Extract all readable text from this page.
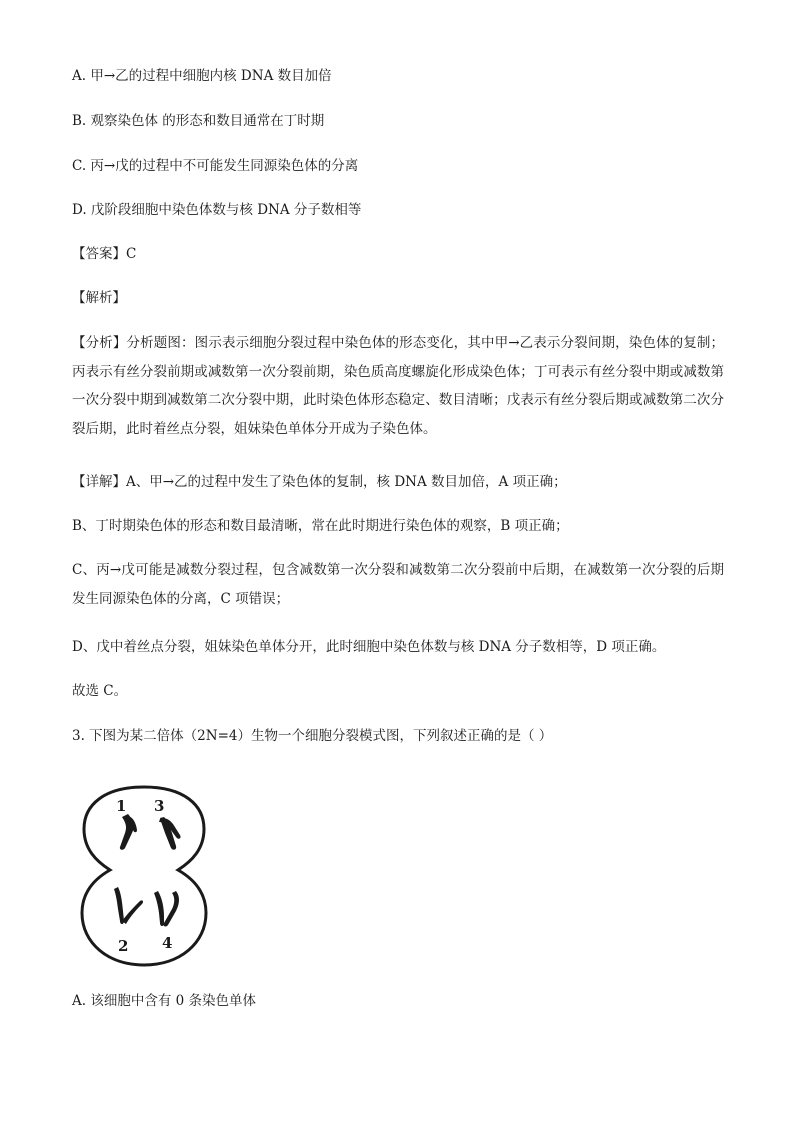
A. 甲→乙的过程中细胞内核 DNA 数目加倍
B. 观察染色体 的形态和数目通常在丁时期
C. 丙→戊的过程中不可能发生同源染色体的分离
D. 戊阶段细胞中染色体数与核 DNA 分子数相等
【答案】C
【解析】
【分析】分析题图：图示表示细胞分裂过程中染色体的形态变化，其中甲→乙表示分裂间期，染色体的复制；丙表示有丝分裂前期或减数第一次分裂前期，染色质高度螺旋化形成染色体；丁可表示有丝分裂中期或减数第一次分裂中期到减数第二次分裂中期，此时染色体形态稳定、数目清晰；戊表示有丝分裂后期或减数第二次分裂后期，此时着丝点分裂，姐妹染色单体分开成为子染色体。
【详解】A、甲→乙的过程中发生了染色体的复制，核 DNA 数目加倍，A 项正确；
B、丁时期染色体的形态和数目最清晰，常在此时期进行染色体的观察，B 项正确；
C、丙→戊可能是减数分裂过程，包含减数第一次分裂和减数第二次分裂前中后期，在减数第一次分裂的后期发生同源染色体的分离，C 项错误；
D、戊中着丝点分裂，姐妹染色单体分开，此时细胞中染色体数与核 DNA 分子数相等，D 项正确。
故选 C。
3. 下图为某二倍体（2N=4）生物一个细胞分裂模式图，下列叙述正确的是（ ）
1 3
2 4
A. 该细胞中含有 0 条染色单体
